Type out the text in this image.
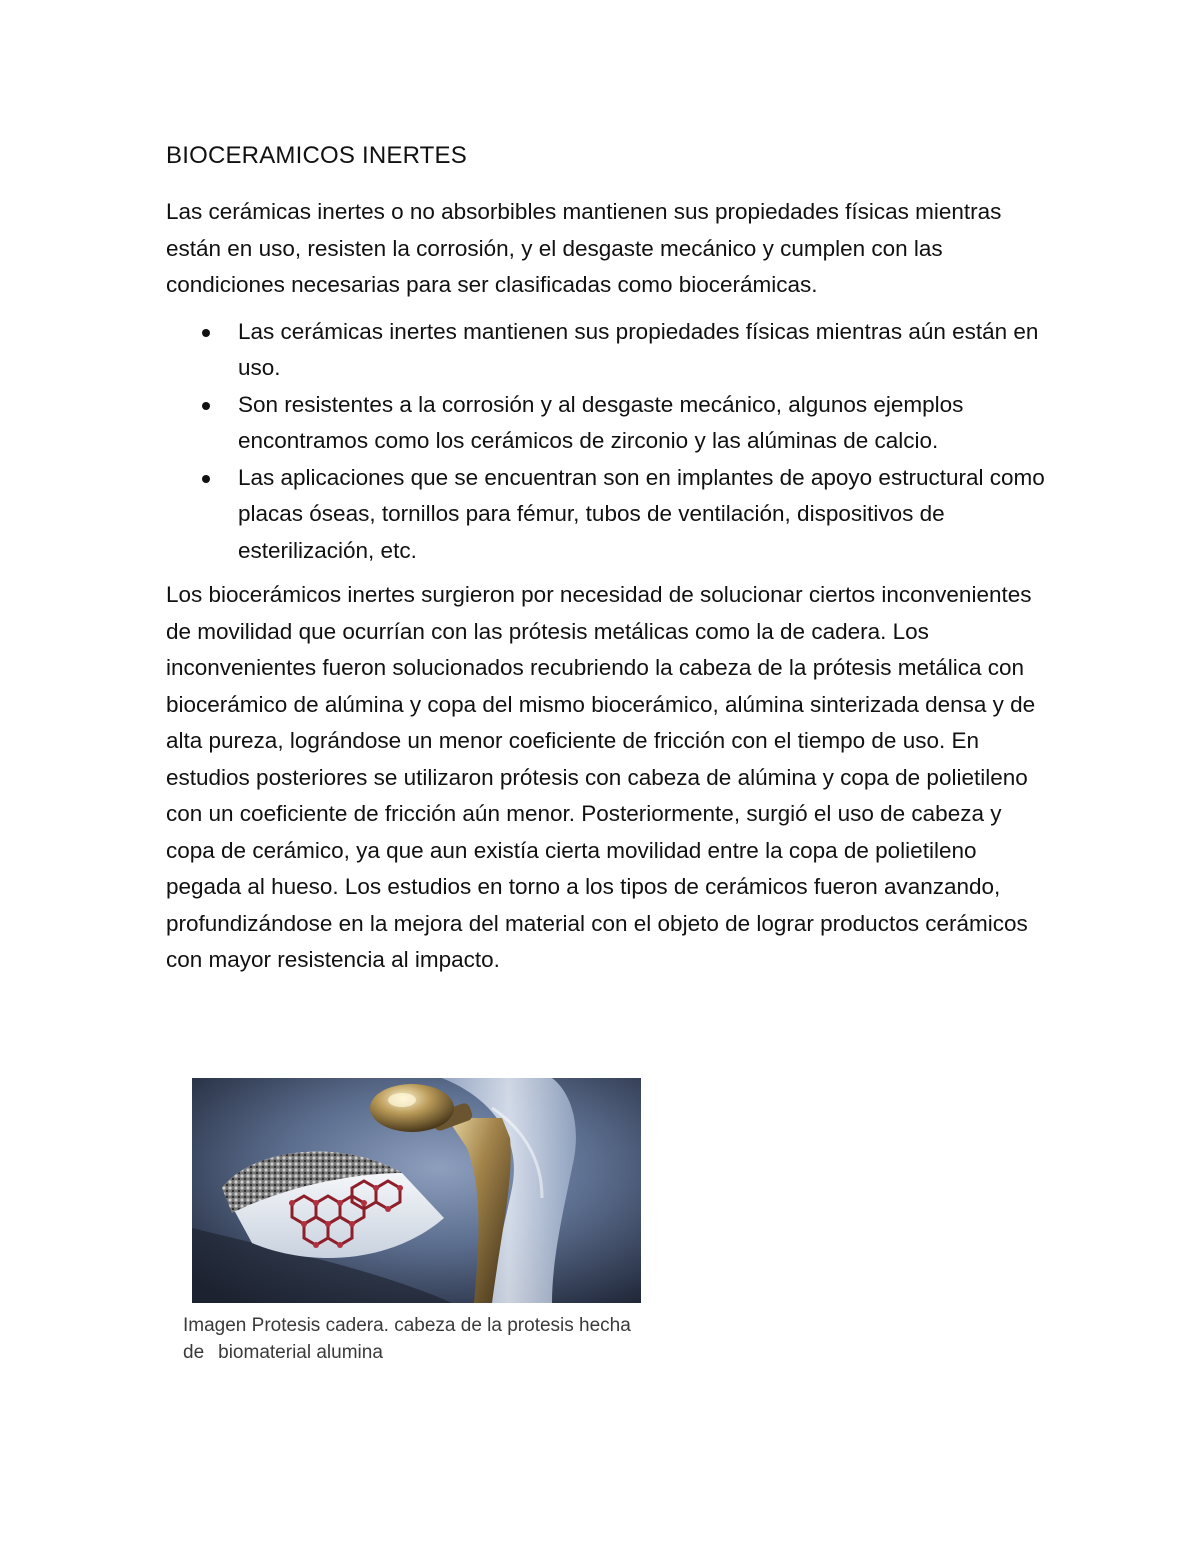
BIOCERAMICOS INERTES

Las cerámicas inertes o no absorbibles mantienen sus propiedades físicas mientras están en uso, resisten la corrosión, y el desgaste mecánico y cumplen con las condiciones necesarias para ser clasificadas como biocerámicas.

Las cerámicas inertes mantienen sus propiedades físicas mientras aún están en uso.
Son resistentes a la corrosión y al desgaste mecánico, algunos ejemplos encontramos como los cerámicos de zirconio y las alúminas de calcio.
Las aplicaciones que se encuentran son en implantes de apoyo estructural como placas óseas, tornillos para fémur, tubos de ventilación, dispositivos de esterilización, etc.

Los biocerámicos inertes surgieron por necesidad de solucionar ciertos inconvenientes de movilidad que ocurrían con las prótesis metálicas como la de cadera. Los inconvenientes fueron solucionados recubriendo la cabeza de la prótesis metálica con biocerámico de alúmina y copa del mismo biocerámico, alúmina sinterizada densa y de alta pureza, lográndose un menor coeficiente de fricción con el tiempo de uso. En estudios posteriores se utilizaron prótesis con cabeza de alúmina y copa de polietileno con un coeficiente de fricción aún menor. Posteriormente, surgió el uso de cabeza y copa de cerámico, ya que aun existía cierta movilidad entre la copa de polietileno pegada al hueso. Los estudios en torno a los tipos de cerámicos fueron avanzando, profundizándose en la mejora del material con el objeto de lograr productos cerámicos con mayor resistencia al impacto.

Imagen Protesis cadera. cabeza de la protesis hecha
de biomaterial alumina
